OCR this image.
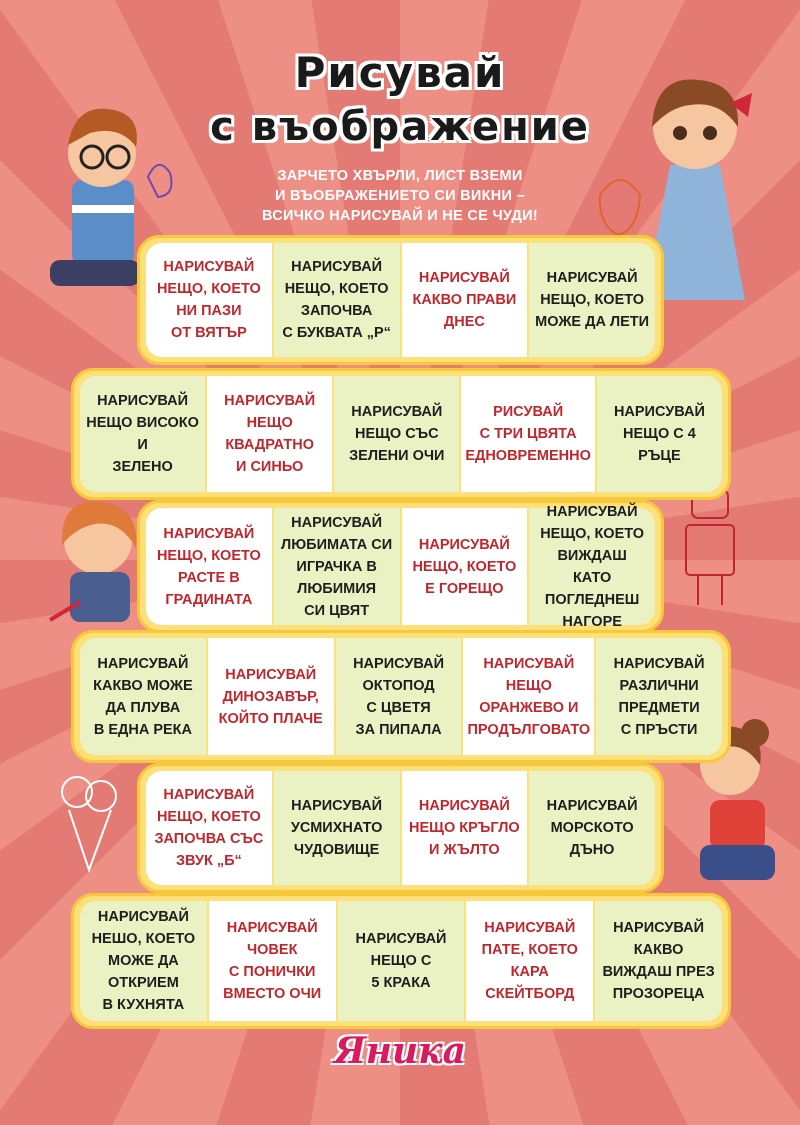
Рисувай
с въображение
ЗАРЧЕТО ХВЪРЛИ, ЛИСТ ВЗЕМИ
И ВЪОБРАЖЕНИЕТО СИ ВИКНИ –
ВСИЧКО НАРИСУВАЙ И НЕ СЕ ЧУДИ!
НАРИСУВАЙ
НЕЩО, КОЕТО
НИ ПАЗИ
ОТ ВЯТЪР
НАРИСУВАЙ
НЕЩО, КОЕТО
ЗАПОЧВА
С БУКВАТА „Р“
НАРИСУВАЙ
КАКВО ПРАВИ
ДНЕС
НАРИСУВАЙ
НЕЩО, КОЕТО
МОЖЕ ДА ЛЕТИ
НАРИСУВАЙ
НЕЩО ВИСОКО И
ЗЕЛЕНО
НАРИСУВАЙ
НЕЩО
КВАДРАТНО
И СИНЬО
НАРИСУВАЙ
НЕЩО СЪС
ЗЕЛЕНИ ОЧИ
РИСУВАЙ
С ТРИ ЦВЯТА
ЕДНОВРЕМЕННО
НАРИСУВАЙ
НЕЩО С 4 РЪЦЕ
НАРИСУВАЙ
НЕЩО, КОЕТО
РАСТЕ В
ГРАДИНАТА
НАРИСУВАЙ
ЛЮБИМАТА СИ
ИГРАЧКА В
ЛЮБИМИЯ
СИ ЦВЯТ
НАРИСУВАЙ
НЕЩО, КОЕТО
Е ГОРЕЩО
НАРИСУВАЙ
НЕЩО, КОЕТО
ВИЖДАШ
КАТО ПОГЛЕДНЕШ
НАГОРЕ
НАРИСУВАЙ
КАКВО МОЖЕ
ДА ПЛУВА
В ЕДНА РЕКА
НАРИСУВАЙ
ДИНОЗАВЪР,
КОЙТО ПЛАЧЕ
НАРИСУВАЙ
ОКТОПОД
С ЦВЕТЯ
ЗА ПИПАЛА
НАРИСУВАЙ
НЕЩО
ОРАНЖЕВО И
ПРОДЪЛГОВАТО
НАРИСУВАЙ
РАЗЛИЧНИ
ПРЕДМЕТИ
С ПРЪСТИ
НАРИСУВАЙ
НЕЩО, КОЕТО
ЗАПОЧВА СЪС
ЗВУК „Б“
НАРИСУВАЙ
УСМИХНАТО
ЧУДОВИЩЕ
НАРИСУВАЙ
НЕЩО КРЪГЛО
И ЖЪЛТО
НАРИСУВАЙ
МОРСКОТО
ДЪНО
НАРИСУВАЙ
НЕШО, КОЕТО
МОЖЕ ДА
ОТКРИЕМ
В КУХНЯТА
НАРИСУВАЙ
ЧОВЕК
С ПОНИЧКИ
ВМЕСТО ОЧИ
НАРИСУВАЙ
НЕЩО С
5 КРАКА
НАРИСУВАЙ
ПАТЕ, КОЕТО
КАРА
СКЕЙТБОРД
НАРИСУВАЙ
КАКВО
ВИЖДАШ ПРЕЗ
ПРОЗОРЕЦА
Яника
